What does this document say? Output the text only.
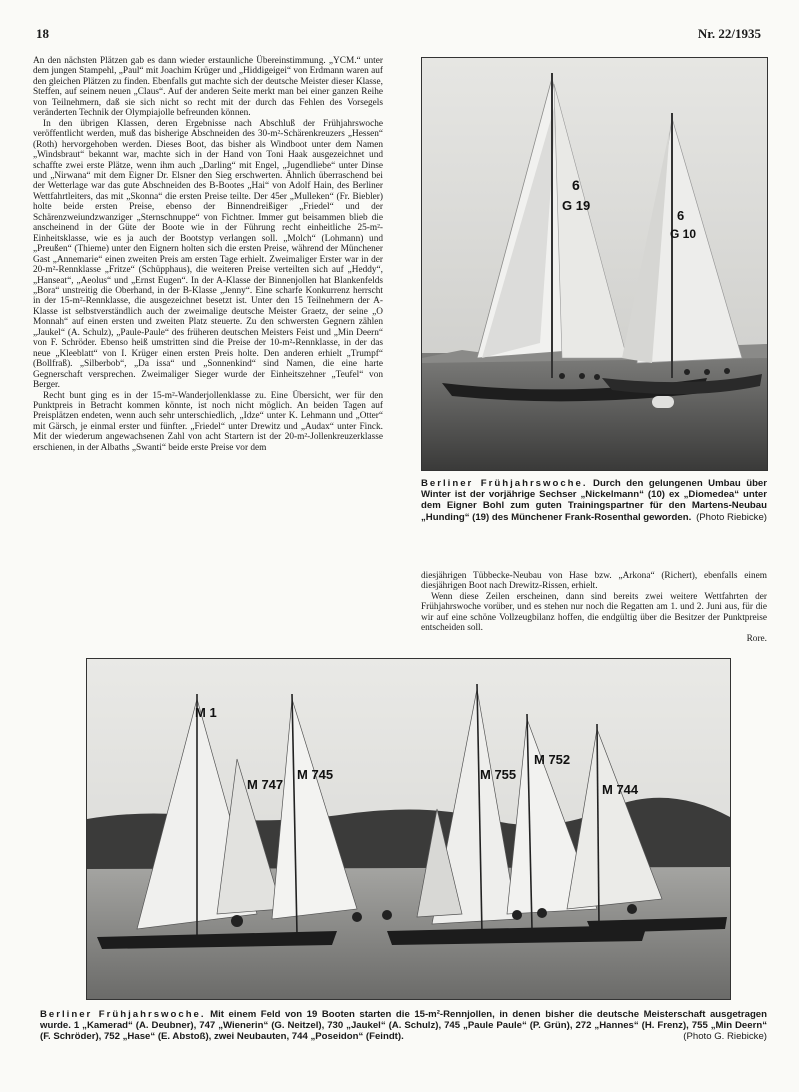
18	Nr. 22/1935

An den nächsten Plätzen gab es dann wieder erstaunliche Übereinstimmung. „YCM.“ unter dem jungen Stampehl, „Paul“ mit Joachim Krüger und „Hiddigeigei“ von Erdmann waren auf den gleichen Plätzen zu finden. Ebenfalls gut machte sich der deutsche Meister dieser Klasse, Steffen, auf seinem neuen „Claus“. Auf der anderen Seite merkt man bei einer ganzen Reihe von Teilnehmern, daß sie sich nicht so recht mit der durch das Fehlen des Vorsegels veränderten Technik der Olympiajolle befreunden können.

In den übrigen Klassen, deren Ergebnisse nach Abschluß der Frühjahrswoche veröffentlicht werden, muß das bisherige Abschneiden des 30-m²-Schärenkreuzers „Hessen“ (Roth) hervorgehoben werden. Dieses Boot, das bisher als Windboot unter dem Namen „Windsbraut“ bekannt war, machte sich in der Hand von Toni Haak ausgezeichnet und schaffte zwei erste Plätze, wenn ihm auch „Darling“ mit Engel, „Jugendliebe“ unter Dinse und „Nirwana“ mit dem Eigner Dr. Elsner den Sieg erschwerten. Ähnlich überraschend bei der Wetterlage war das gute Abschneiden des B-Bootes „Hai“ von Adolf Hain, des Berliner Wettfahrtleiters, das mit „Skonna“ die ersten Preise teilte. Der 45er „Mulleken“ (Fr. Biebler) holte beide ersten Preise, ebenso der Binnendreißiger „Friedel“ und der Schärenzweiundzwanziger „Sternschnuppe“ von Fichtner. Immer gut beisammen blieb die anscheinend in der Güte der Boote wie in der Führung recht einheitliche 25-m²-Einheitsklasse, wie es ja auch der Bootstyp verlangen soll. „Molch“ (Lohmann) und „Preußen“ (Thieme) unter den Eignern holten sich die ersten Preise, während der Münchener Gast „Annemarie“ einen zweiten Preis am ersten Tage erhielt. Zweimaliger Erster war in der 20-m²-Rennklasse „Fritze“ (Schüpphaus), die weiteren Preise verteilten sich auf „Heddy“, „Hanseat“, „Aeolus“ und „Ernst Eugen“. In der A-Klasse der Binnenjollen hat Blankenfelds „Bora“ unstreitig die Oberhand, in der B-Klasse „Jenny“. Eine scharfe Konkurrenz herrscht in der 15-m²-Rennklasse, die ausgezeichnet besetzt ist. Unter den 15 Teilnehmern der A-Klasse ist selbstverständlich auch der zweimalige deutsche Meister Graetz, der seine „O Monnah“ auf einen ersten und zweiten Platz steuerte. Zu den schwersten Gegnern zählen „Jaukel“ (A. Schulz), „Paule-Paule“ des früheren deutschen Meisters Feist und „Min Deern“ von F. Schröder. Ebenso heiß umstritten sind die Preise der 10-m²-Rennklasse, in der das neue „Kleeblatt“ von I. Krüger einen ersten Preis holte. Den anderen erhielt „Trumpf“ (Bollfraß). „Silberbob“, „Da issa“ und „Sonnenkind“ sind Namen, die eine harte Gegnerschaft versprechen. Zweimaliger Sieger wurde der Einheitszehner „Teufel“ von Berger.

Recht bunt ging es in der 15-m²-Wanderjollenklasse zu. Eine Übersicht, wer für den Punktpreis in Betracht kommen könnte, ist noch nicht möglich. An beiden Tagen auf Preisplätzen endeten, wenn auch sehr unterschiedlich, „Idze“ unter K. Lehmann und „Otter“ mit Gärsch, je einmal erster und fünfter. „Friedel“ unter Drewitz und „Audax“ unter Finck. Mit der wiederum angewachsenen Zahl von acht Startern ist der 20-m²-Jollenkreuzerklasse erschienen, in der Albaths „Swanti“ beide erste Preise vor dem

6
G 19
6
G 10
Berliner Frühjahrswoche. Durch den gelungenen Umbau über Winter ist der vorjährige Sechser „Nickelmann“ (10) ex „Diomedea“ unter dem Eigner Bohl zum guten Trainingspartner für den Martens-Neubau „Hunding“ (19) des Münchener Frank-Rosenthal geworden. (Photo Riebicke)

diesjährigen Tübbecke-Neubau von Hase bzw. „Arkona“ (Richert), ebenfalls einem diesjährigen Boot nach Drewitz-Rissen, erhielt.

Wenn diese Zeilen erscheinen, dann sind bereits zwei weitere Wettfahrten der Frühjahrswoche vorüber, und es stehen nur noch die Regatten am 1. und 2. Juni aus, für die wir auf eine schöne Vollzeugbilanz hoffen, die endgültig über die Besitzer der Punktpreise entscheiden soll.

Rore.

M 1
M 747
M 745	M 755
M 752
M 744
Berliner Frühjahrswoche. Mit einem Feld von 19 Booten starten die 15-m²-Rennjollen, in denen bisher die deutsche Meisterschaft ausgetragen wurde. 1 „Kamerad“ (A. Deubner), 747 „Wienerin“ (G. Neitzel), 730 „Jaukel“ (A. Schulz), 745 „Paule Paule“ (P. Grün), 272 „Hannes“ (H. Frenz), 755 „Min Deern“ (F. Schröder), 752 „Hase“ (E. Abstoß), zwei Neubauten, 744 „Poseidon“ (Feindt).	(Photo G. Riebicke)
